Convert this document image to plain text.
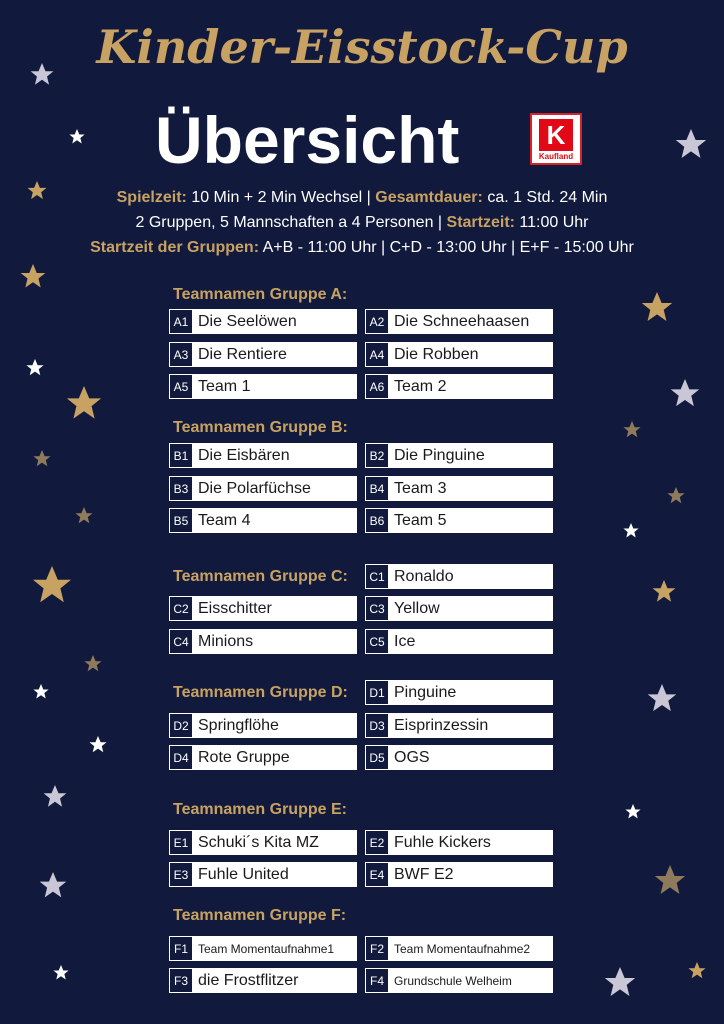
Kinder-Eisstock-Cup
Übersicht	K
Kaufland
Spielzeit: 10 Min + 2 Min Wechsel | Gesamtdauer: ca. 1 Std. 24 Min
2 Gruppen, 5 Mannschaften a 4 Personen | Startzeit: 11:00 Uhr
Startzeit der Gruppen: A+B - 11:00 Uhr | C+D - 13:00 Uhr | E+F - 15:00 Uhr
Teamnamen Gruppe A:
A1 Die Seelöwen	A2 Die Schneehaasen
A3 Die Rentiere	A4 Die Robben
A5 Team 1	A6 Team 2
Teamnamen Gruppe B:
B1 Die Eisbären	B2 Die Pinguine
B3 Die Polarfüchse	B4 Team 3
B5 Team 4	B6 Team 5
Teamnamen Gruppe C:	C1 Ronaldo
C2 Eisschitter	C3 Yellow
C4 Minions	C5 Ice
Teamnamen Gruppe D:	D1 Pinguine
D2 Springflöhe	D3 Eisprinzessin
D4 Rote Gruppe	D5 OGS
Teamnamen Gruppe E:
E1 Schuki´s Kita MZ	E2 Fuhle Kickers
E3 Fuhle United	E4 BWF E2
Teamnamen Gruppe F:
F1 Team Momentaufnahme1	F2 Team Momentaufnahme2
F3 die Frostflitzer	F4 Grundschule Welheim
